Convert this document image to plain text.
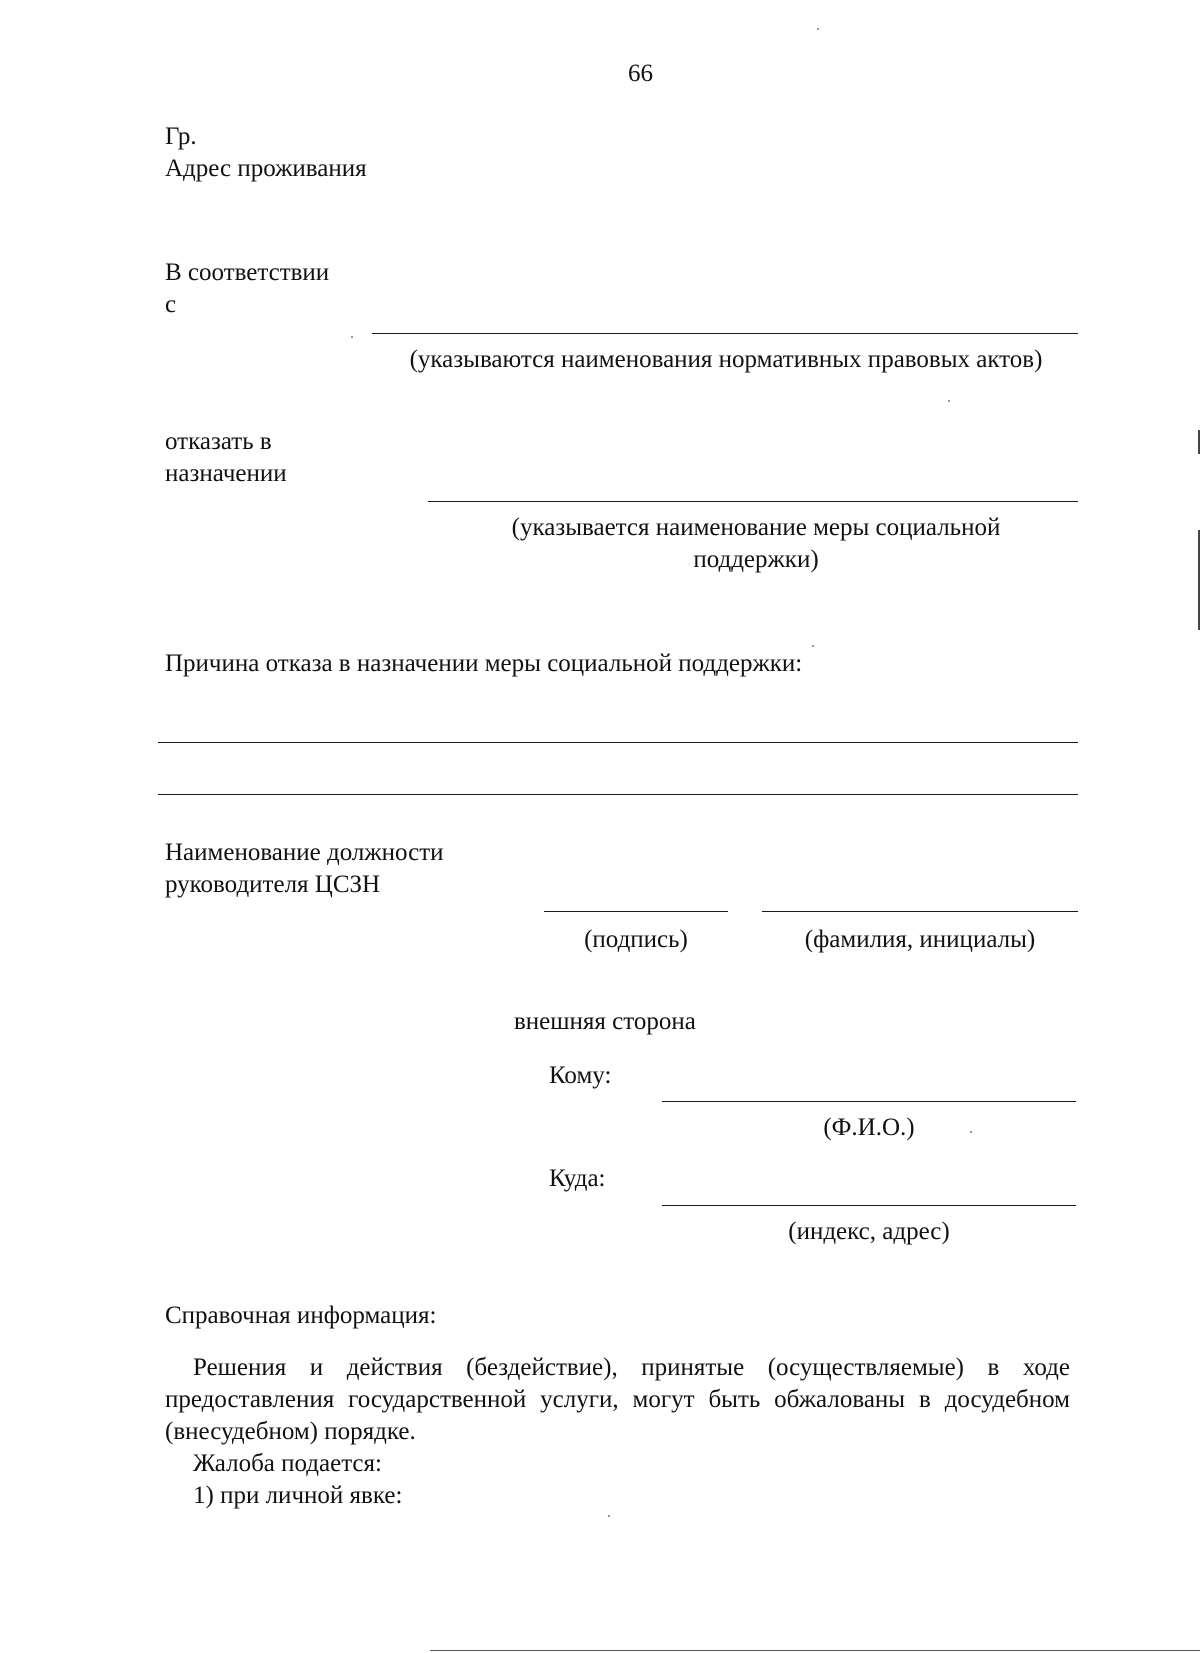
66

Гр.

Адрес проживания

В соответствии

с

(указываются наименования нормативных правовых актов)

отказать в

назначении

(указывается наименование меры социальной поддержки)

Причина отказа в назначении меры социальной поддержки:

Наименование должности

руководителя ЦСЗН

(подпись)	(фамилия, инициалы)

внешняя сторона

Кому:

(Ф.И.О.)

Куда:

(индекс, адрес)

Справочная информация:

Решения и действия (бездействие), принятые (осуществляемые) в ходе предоставления государственной услуги, могут быть обжалованы в досудебном (внесудебном) порядке.

Жалоба подается:

1) при личной явке:
